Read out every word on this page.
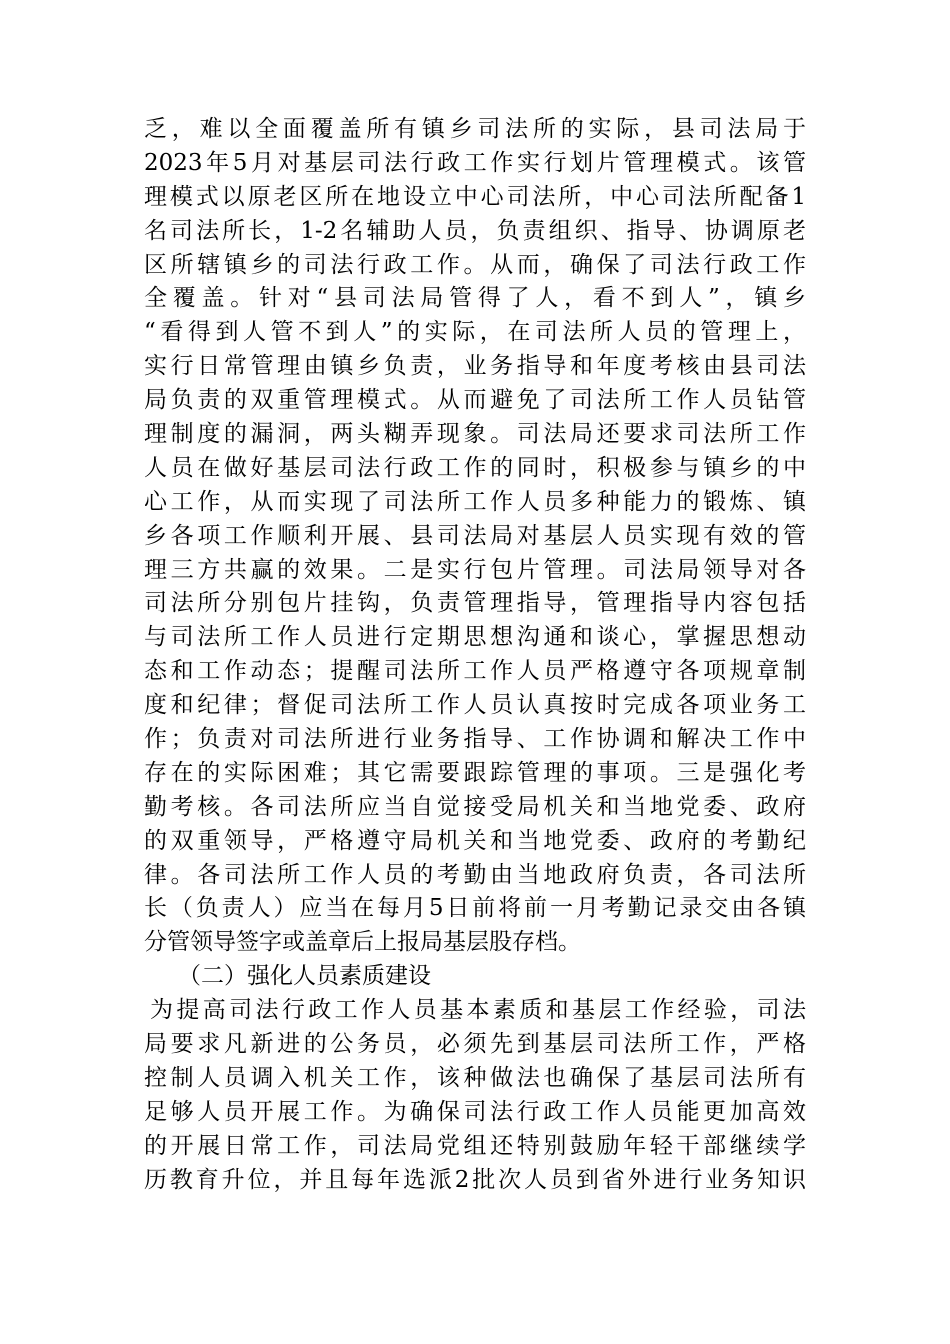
乏，难以全面覆盖所有镇乡司法所的实际，县司法局于
2023年5月对基层司法行政工作实行划片管理模式。该管
理模式以原老区所在地设立中心司法所，中心司法所配备1
名司法所长，1-2名辅助人员，负责组织、指导、协调原老
区所辖镇乡的司法行政工作。从而，确保了司法行政工作
全覆盖。针对“县司法局管得了人，看不到人”，镇乡
“看得到人管不到人”的实际，在司法所人员的管理上，
实行日常管理由镇乡负责，业务指导和年度考核由县司法
局负责的双重管理模式。从而避免了司法所工作人员钻管
理制度的漏洞，两头糊弄现象。司法局还要求司法所工作
人员在做好基层司法行政工作的同时，积极参与镇乡的中
心工作，从而实现了司法所工作人员多种能力的锻炼、镇
乡各项工作顺利开展、县司法局对基层人员实现有效的管
理三方共赢的效果。二是实行包片管理。司法局领导对各
司法所分别包片挂钩，负责管理指导，管理指导内容包括
与司法所工作人员进行定期思想沟通和谈心，掌握思想动
态和工作动态；提醒司法所工作人员严格遵守各项规章制
度和纪律；督促司法所工作人员认真按时完成各项业务工
作；负责对司法所进行业务指导、工作协调和解决工作中
存在的实际困难；其它需要跟踪管理的事项。三是强化考
勤考核。各司法所应当自觉接受局机关和当地党委、政府
的双重领导，严格遵守局机关和当地党委、政府的考勤纪
律。各司法所工作人员的考勤由当地政府负责，各司法所
长（负责人）应当在每月5日前将前一月考勤记录交由各镇
分管领导签字或盖章后上报局基层股存档。
（二）强化人员素质建设
为提高司法行政工作人员基本素质和基层工作经验，司法
局要求凡新进的公务员，必须先到基层司法所工作，严格
控制人员调入机关工作，该种做法也确保了基层司法所有
足够人员开展工作。为确保司法行政工作人员能更加高效
的开展日常工作，司法局党组还特别鼓励年轻干部继续学
历教育升位，并且每年选派2批次人员到省外进行业务知识
